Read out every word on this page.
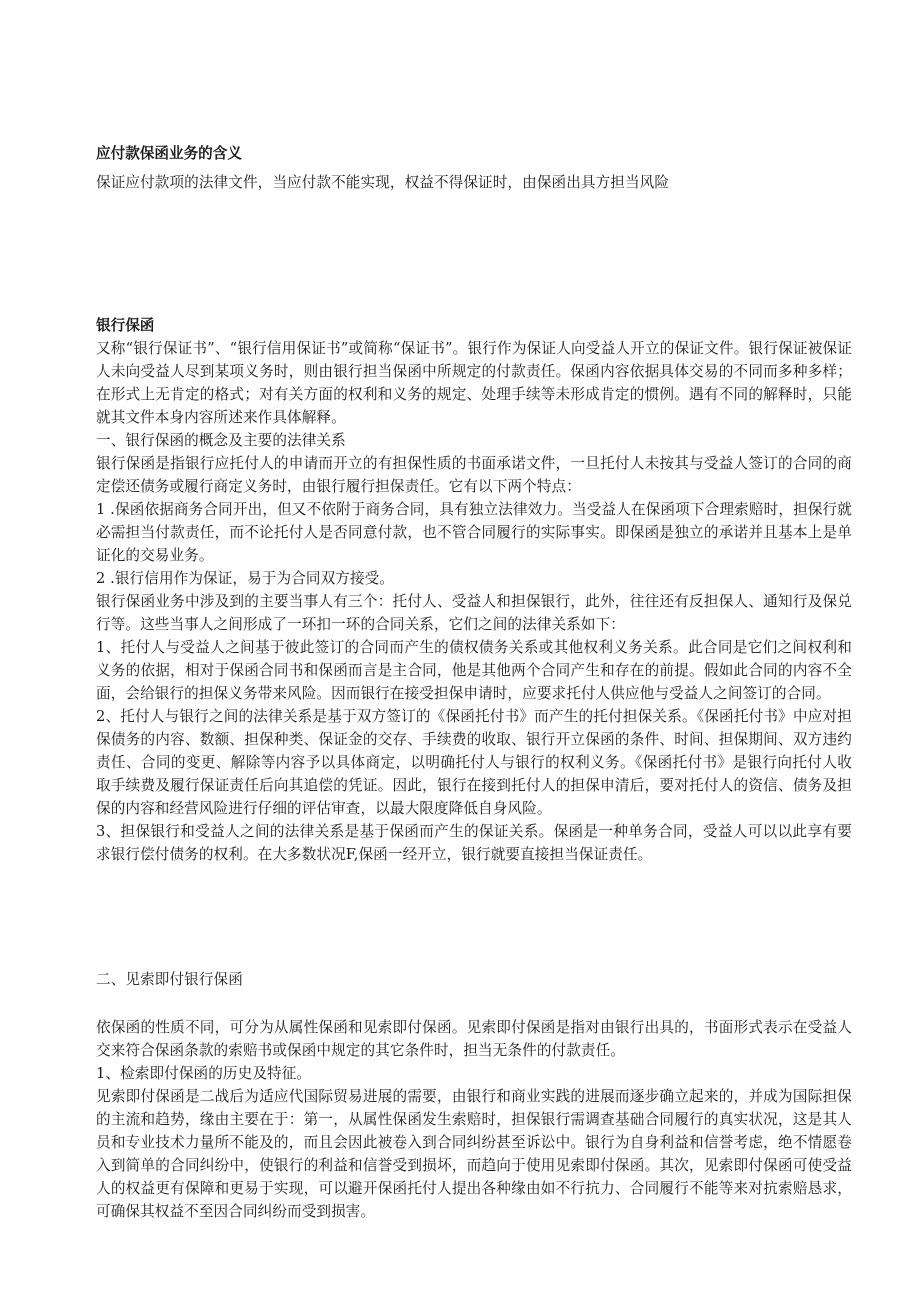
应付款保函业务的含义

保证应付款项的法律文件，当应付款不能实现，权益不得保证时，由保函出具方担当风险

银行保函

又称“银行保证书”、“银行信用保证书”或简称“保证书”。银行作为保证人向受益人开立的保证文件。银行保证被保证人未向受益人尽到某项义务时，则由银行担当保函中所规定的付款责任。保函内容依据具体交易的不同而多种多样；在形式上无肯定的格式；对有关方面的权利和义务的规定、处理手续等未形成肯定的惯例。遇有不同的解释时，只能就其文件本身内容所述来作具体解释。

一、银行保函的概念及主要的法律关系

银行保函是指银行应托付人的申请而开立的有担保性质的书面承诺文件，一旦托付人未按其与受益人签订的合同的商定偿还债务或履行商定义务时，由银行履行担保责任。它有以下两个特点：

1 .保函依据商务合同开出，但又不依附于商务合同，具有独立法律效力。当受益人在保函项下合理索赔时，担保行就必需担当付款责任，而不论托付人是否同意付款，也不管合同履行的实际事实。即保函是独立的承诺并且基本上是单证化的交易业务。

2 .银行信用作为保证，易于为合同双方接受。

银行保函业务中涉及到的主要当事人有三个：托付人、受益人和担保银行，此外，往往还有反担保人、通知行及保兑行等。这些当事人之间形成了一环扣一环的合同关系，它们之间的法律关系如下：

1、托付人与受益人之间基于彼此签订的合同而产生的债权债务关系或其他权利义务关系。此合同是它们之间权利和义务的依据，相对于保函合同书和保函而言是主合同，他是其他两个合同产生和存在的前提。假如此合同的内容不全面，会给银行的担保义务带来风险。因而银行在接受担保申请时，应要求托付人供应他与受益人之间签订的合同。

2、托付人与银行之间的法律关系是基于双方签订的《保函托付书》而产生的托付担保关系。《保函托付书》中应对担保债务的内容、数额、担保种类、保证金的交存、手续费的收取、银行开立保函的条件、时间、担保期间、双方违约责任、合同的变更、解除等内容予以具体商定，以明确托付人与银行的权利义务。《保函托付书》是银行向托付人收取手续费及履行保证责任后向其追偿的凭证。因此，银行在接到托付人的担保申清后，要对托付人的资信、债务及担保的内容和经营风险进行仔细的评估审查，以最大限度降低自身风险。

3、担保银行和受益人之间的法律关系是基于保函而产生的保证关系。保函是一种单务合同，受益人可以以此享有要求银行偿付债务的权利。在大多数状况F,保函一经开立，银行就要直接担当保证责任。

二、见索即付银行保函

依保函的性质不同，可分为从属性保函和见索即付保函。见索即付保函是指对由银行出具的，书面形式表示在受益人交来符合保函条款的索赔书或保函中规定的其它条件时，担当无条件的付款责任。

1、检索即付保函的历史及特征。

见索即付保函是二战后为适应代国际贸易进展的需要，由银行和商业实践的进展而逐步确立起来的，并成为国际担保的主流和趋势，缘由主要在于：第一，从属性保函发生索赔时，担保银行需调查基础合同履行的真实状况，这是其人员和专业技术力量所不能及的，而且会因此被卷入到合同纠纷甚至诉讼中。银行为自身利益和信誉考虑，绝不情愿卷入到简单的合同纠纷中，使银行的利益和信誉受到损坏，而趋向于使用见索即付保函。其次，见索即付保函可使受益人的权益更有保障和更易于实现，可以避开保函托付人提出各种缘由如不行抗力、合同履行不能等来对抗索赔恳求，可确保其权益不至因合同纠纷而受到损害。
